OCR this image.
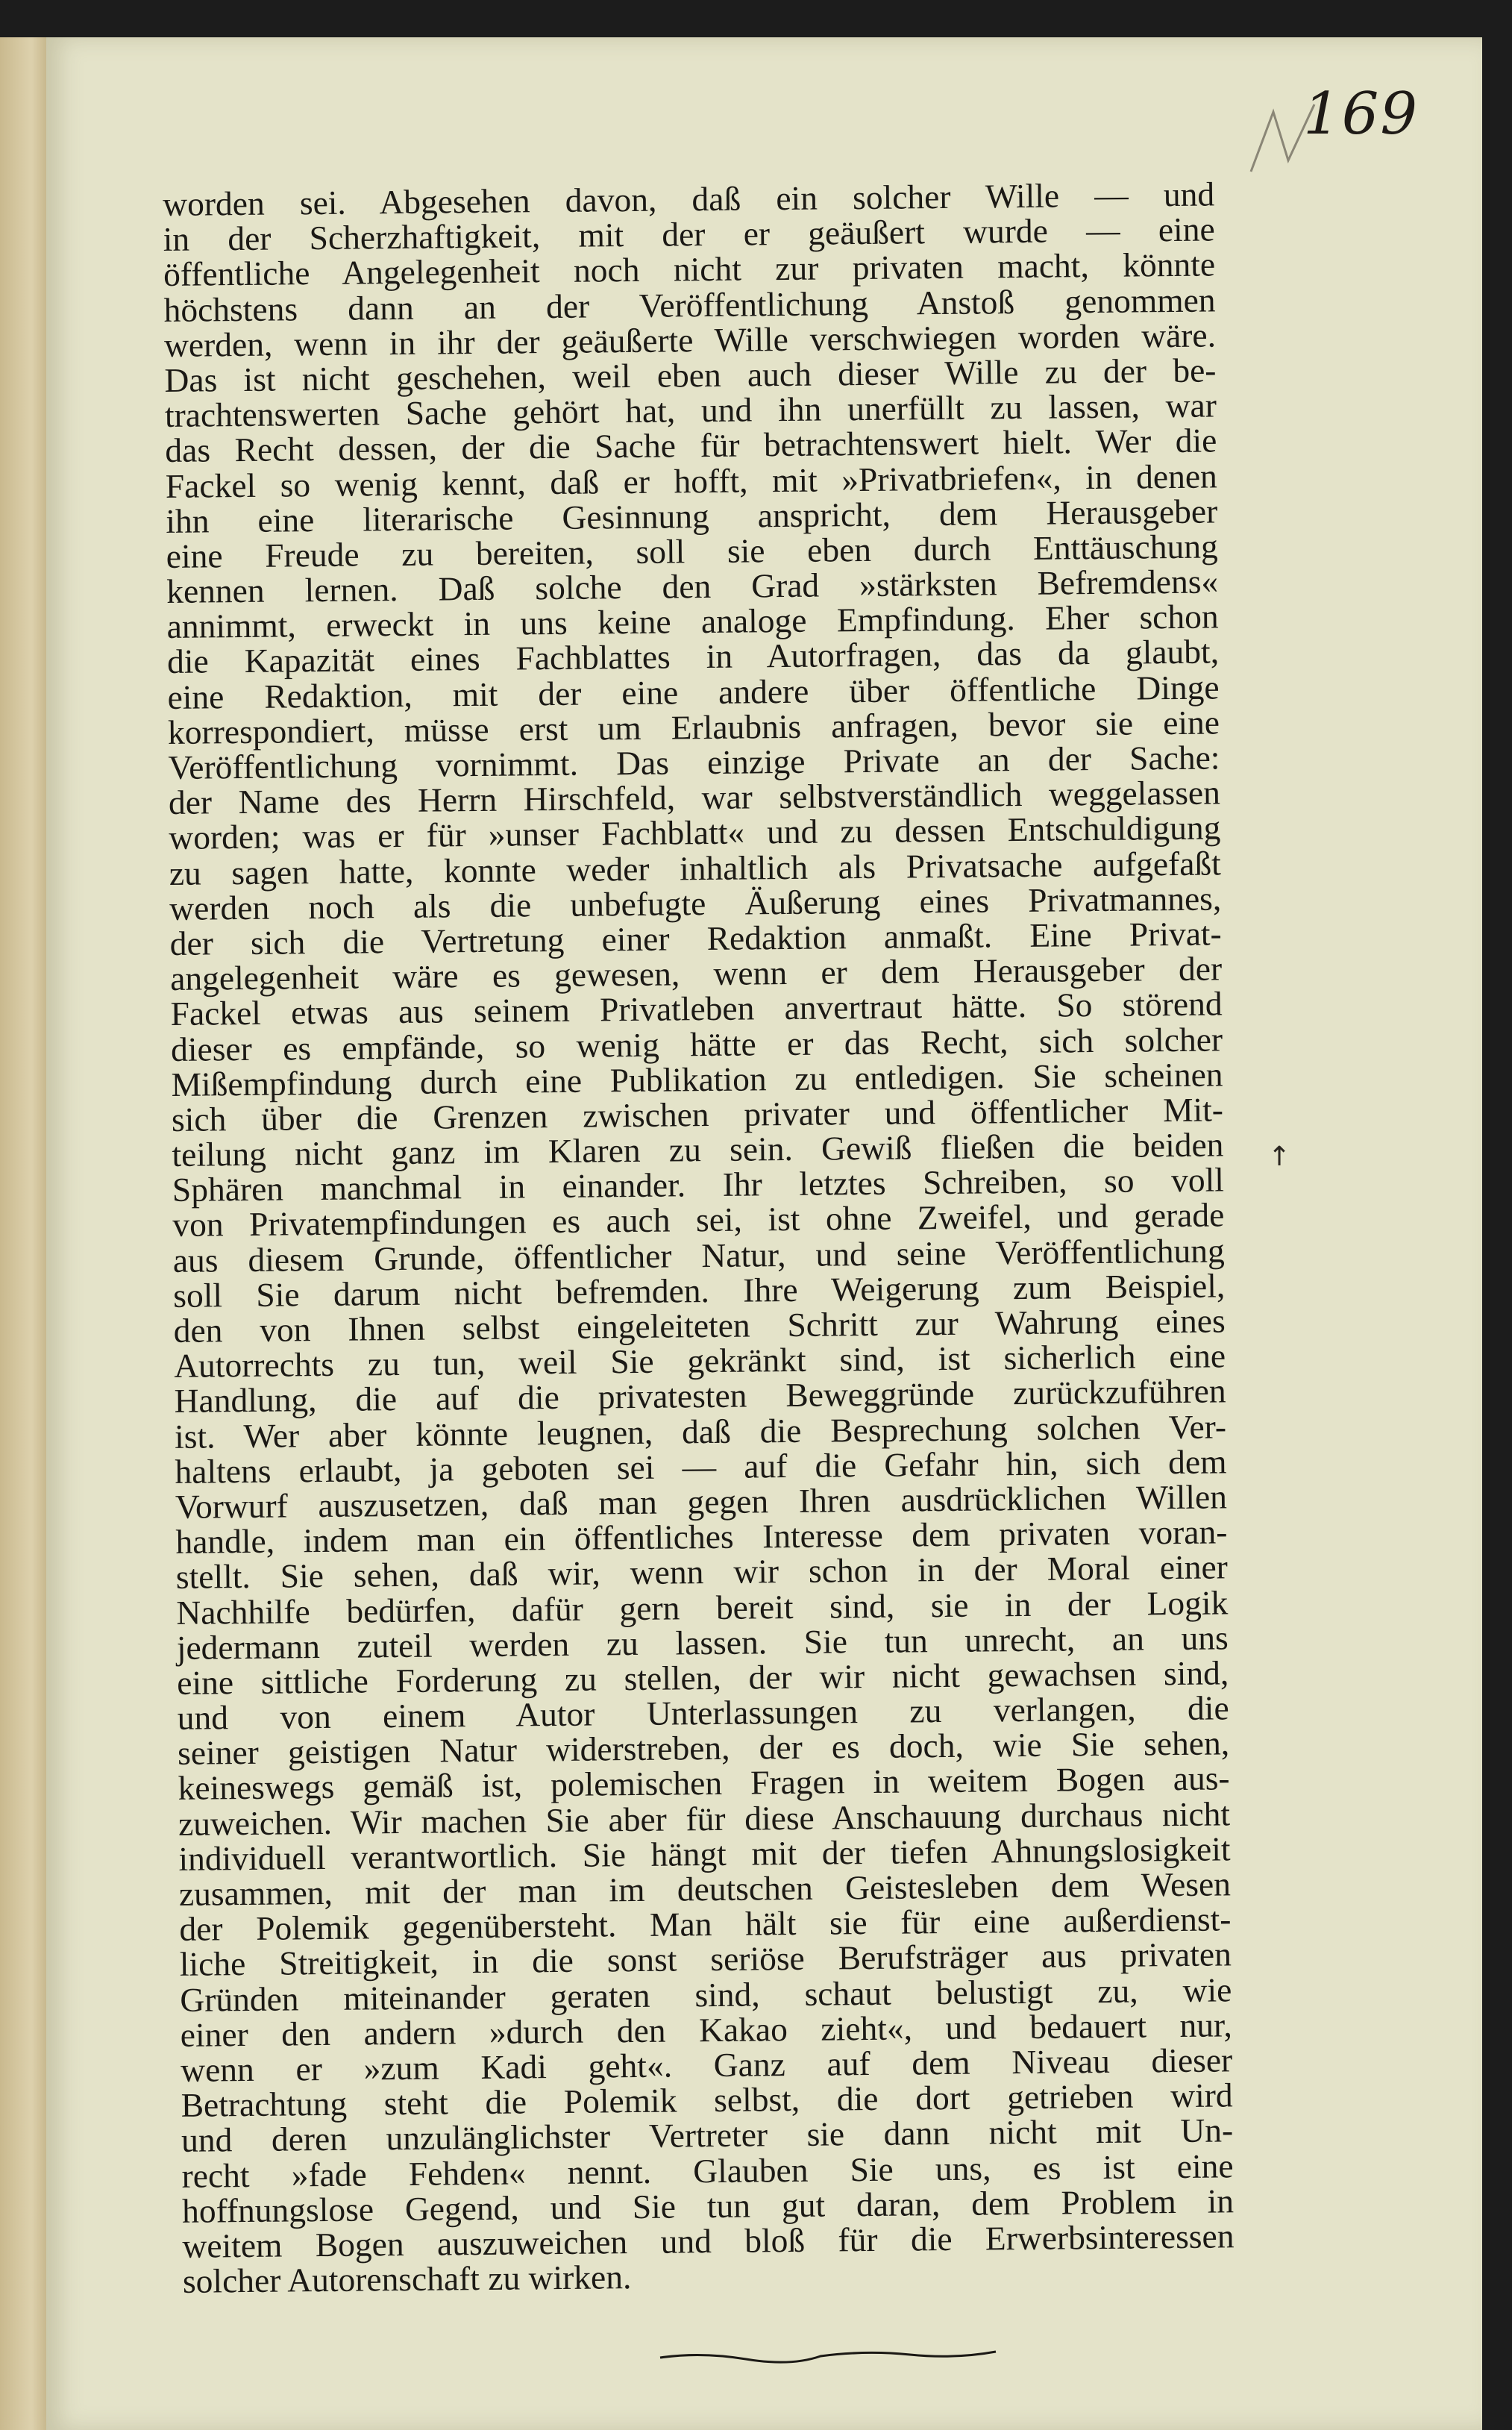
169
worden sei. Abgesehen davon, daß ein solcher Wille — und
in der Scherzhaftigkeit, mit der er geäußert wurde — eine
öffentliche Angelegenheit noch nicht zur privaten macht, könnte
höchstens dann an der Veröffentlichung Anstoß genommen
werden, wenn in ihr der geäußerte Wille verschwiegen worden wäre.
Das ist nicht geschehen, weil eben auch dieser Wille zu der be-
trachtenswerten Sache gehört hat, und ihn unerfüllt zu lassen, war
das Recht dessen, der die Sache für betrachtenswert hielt. Wer die
Fackel so wenig kennt, daß er hofft, mit »Privatbriefen«, in denen
ihn eine literarische Gesinnung anspricht, dem Herausgeber
eine Freude zu bereiten, soll sie eben durch Enttäuschung
kennen lernen. Daß solche den Grad »stärksten Befremdens«
annimmt, erweckt in uns keine analoge Empfindung. Eher schon
die Kapazität eines Fachblattes in Autorfragen, das da glaubt,
eine Redaktion, mit der eine andere über öffentliche Dinge
korrespondiert, müsse erst um Erlaubnis anfragen, bevor sie eine
Veröffentlichung vornimmt. Das einzige Private an der Sache:
der Name des Herrn Hirschfeld, war selbstverständlich weggelassen
worden; was er für »unser Fachblatt« und zu dessen Entschuldigung
zu sagen hatte, konnte weder inhaltlich als Privatsache aufgefaßt
werden noch als die unbefugte Äußerung eines Privatmannes,
der sich die Vertretung einer Redaktion anmaßt. Eine Privat-
angelegenheit wäre es gewesen, wenn er dem Herausgeber der
Fackel etwas aus seinem Privatleben anvertraut hätte. So störend
dieser es empfände, so wenig hätte er das Recht, sich solcher
Mißempfindung durch eine Publikation zu entledigen. Sie scheinen
sich über die Grenzen zwischen privater und öffentlicher Mit-
teilung nicht ganz im Klaren zu sein. Gewiß fließen die beiden
Sphären manchmal in einander. Ihr letztes Schreiben, so voll
von Privatempfindungen es auch sei, ist ohne Zweifel, und gerade
aus diesem Grunde, öffentlicher Natur, und seine Veröffentlichung
soll Sie darum nicht befremden. Ihre Weigerung zum Beispiel,
den von Ihnen selbst eingeleiteten Schritt zur Wahrung eines
Autorrechts zu tun, weil Sie gekränkt sind, ist sicherlich eine
Handlung, die auf die privatesten Beweggründe zurückzuführen
ist. Wer aber könnte leugnen, daß die Besprechung solchen Ver-
haltens erlaubt, ja geboten sei — auf die Gefahr hin, sich dem
Vorwurf auszusetzen, daß man gegen Ihren ausdrücklichen Willen
handle, indem man ein öffentliches Interesse dem privaten voran-
stellt. Sie sehen, daß wir, wenn wir schon in der Moral einer
Nachhilfe bedürfen, dafür gern bereit sind, sie in der Logik
jedermann zuteil werden zu lassen. Sie tun unrecht, an uns
eine sittliche Forderung zu stellen, der wir nicht gewachsen sind,
und von einem Autor Unterlassungen zu verlangen, die
seiner geistigen Natur widerstreben, der es doch, wie Sie sehen,
keineswegs gemäß ist, polemischen Fragen in weitem Bogen aus-
zuweichen. Wir machen Sie aber für diese Anschauung durchaus nicht
individuell verantwortlich. Sie hängt mit der tiefen Ahnungslosigkeit
zusammen, mit der man im deutschen Geistesleben dem Wesen
der Polemik gegenübersteht. Man hält sie für eine außerdienst-
liche Streitigkeit, in die sonst seriöse Berufsträger aus privaten
Gründen miteinander geraten sind, schaut belustigt zu, wie
einer den andern »durch den Kakao zieht«, und bedauert nur,
wenn er »zum Kadi geht«. Ganz auf dem Niveau dieser
Betrachtung steht die Polemik selbst, die dort getrieben wird
und deren unzulänglichster Vertreter sie dann nicht mit Un-
recht »fade Fehden« nennt. Glauben Sie uns, es ist eine
hoffnungslose Gegend, und Sie tun gut daran, dem Problem in
weitem Bogen auszuweichen und bloß für die Erwerbsinteressen
solcher Autorenschaft zu wirken.
↑
